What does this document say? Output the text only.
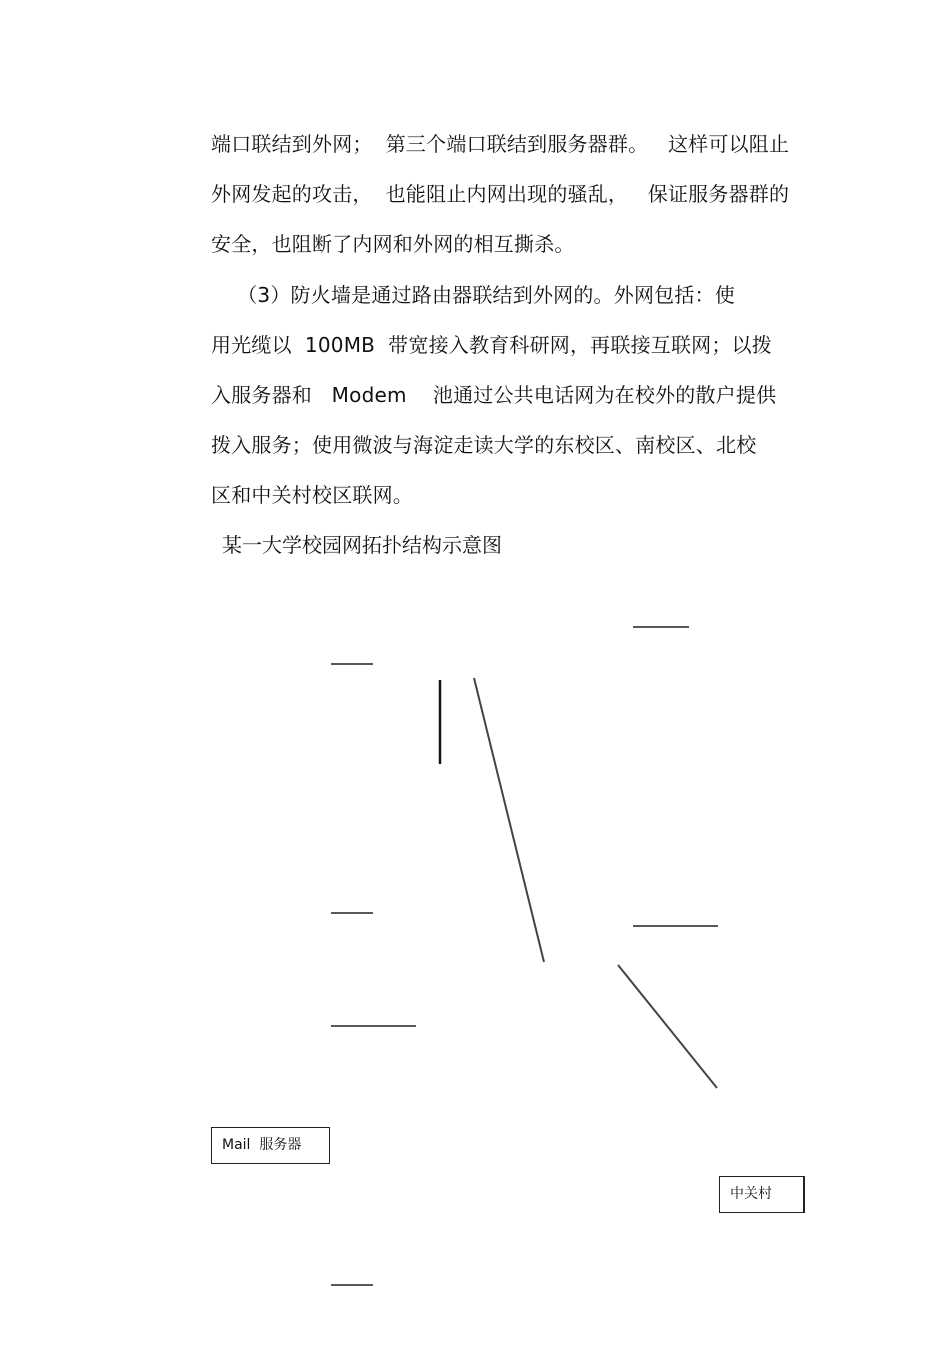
端口联结到外网；  第三个端口联结到服务器群。   这样可以阻止
外网发起的攻击，  也能阻止内网出现的骚乱，   保证服务器群的
安全，也阻断了内网和外网的相互撕杀。
（3）防火墙是通过路由器联结到外网的。外网包括：使
用光缆以  100MB  带宽接入教育科研网，再联接互联网；以拨
入服务器和   Modem    池通过公共电话网为在校外的散户提供
拨入服务；使用微波与海淀走读大学的东校区、南校区、北校
区和中关村校区联网。
某一大学校园网拓扑结构示意图
Mail  服务器
中关村
